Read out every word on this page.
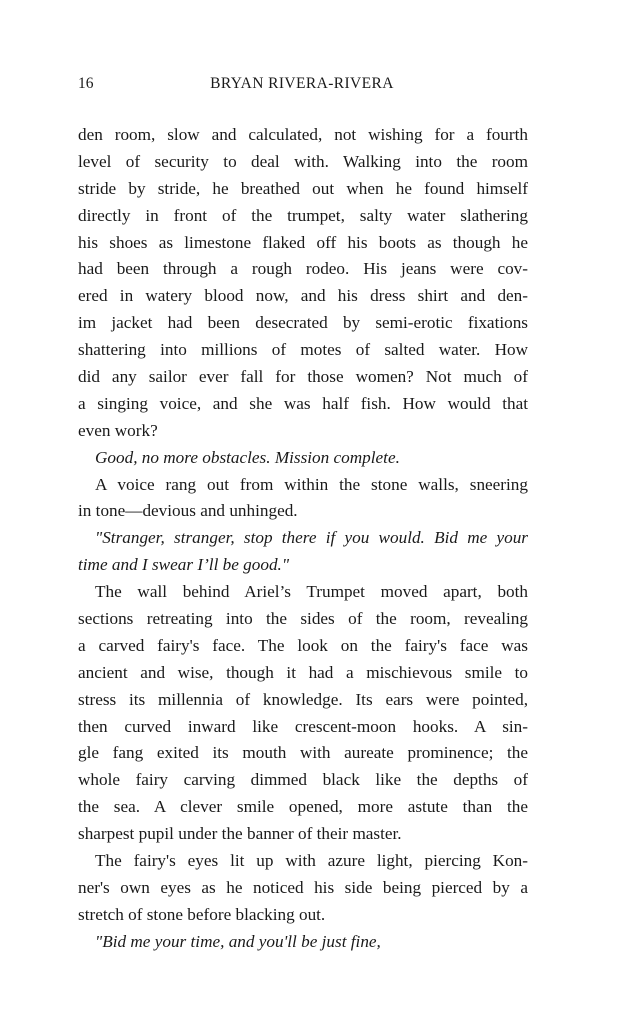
16	BRYAN RIVERA-RIVERA
den room, slow and calculated, not wishing for a fourth
level of security to deal with. Walking into the room
stride by stride, he breathed out when he found himself
directly in front of the trumpet, salty water slathering
his shoes as limestone flaked off his boots as though he
had been through a rough rodeo. His jeans were cov-
ered in watery blood now, and his dress shirt and den-
im jacket had been desecrated by semi-erotic fixations
shattering into millions of motes of salted water. How
did any sailor ever fall for those women? Not much of
a singing voice, and she was half fish. How would that
even work?
Good, no more obstacles. Mission complete.
A voice rang out from within the stone walls, sneering
in tone—devious and unhinged.
"Stranger, stranger, stop there if you would. Bid me your
time and I swear I’ll be good."
The wall behind Ariel’s Trumpet moved apart, both
sections retreating into the sides of the room, revealing
a carved fairy's face. The look on the fairy's face was
ancient and wise, though it had a mischievous smile to
stress its millennia of knowledge. Its ears were pointed,
then curved inward like crescent-moon hooks. A sin-
gle fang exited its mouth with aureate prominence; the
whole fairy carving dimmed black like the depths of
the sea. A clever smile opened, more astute than the
sharpest pupil under the banner of their master.
The fairy's eyes lit up with azure light, piercing Kon-
ner's own eyes as he noticed his side being pierced by a
stretch of stone before blacking out.
"Bid me your time, and you'll be just fine,
